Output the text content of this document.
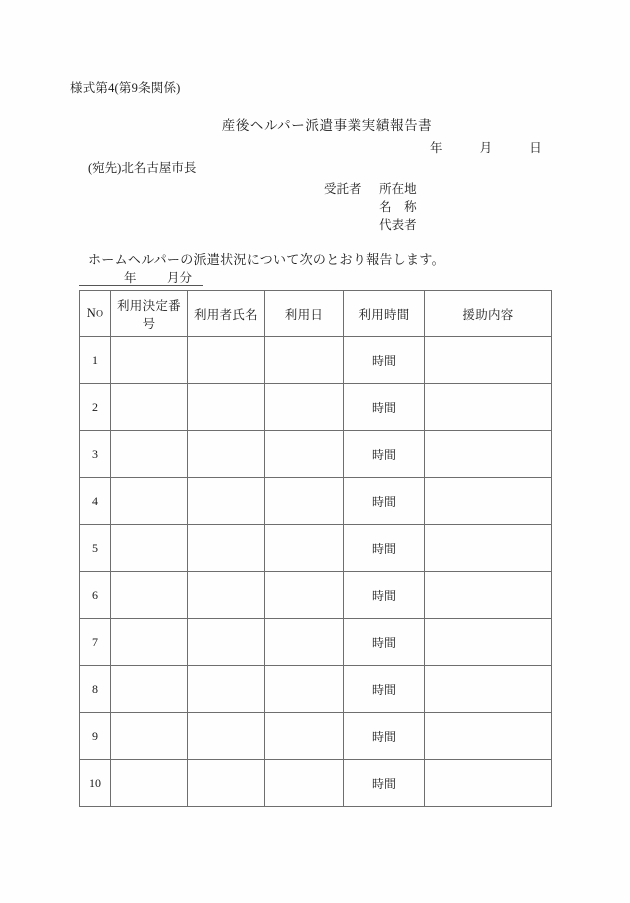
様式第4(第9条関係)
産後ヘルパー派遣事業実績報告書
年	月	日
(宛先)北名古屋市長
受託者 所在地
名　称
代表者
ホームヘルパーの派遣状況について次のとおり報告します。
年 月分
NO	利用決定番号	利用者氏名	利用日	利用時間	援助内容
1				時間	
2				時間	
3				時間	
4				時間	
5				時間	
6				時間	
7				時間	
8				時間	
9				時間	
10				時間	
